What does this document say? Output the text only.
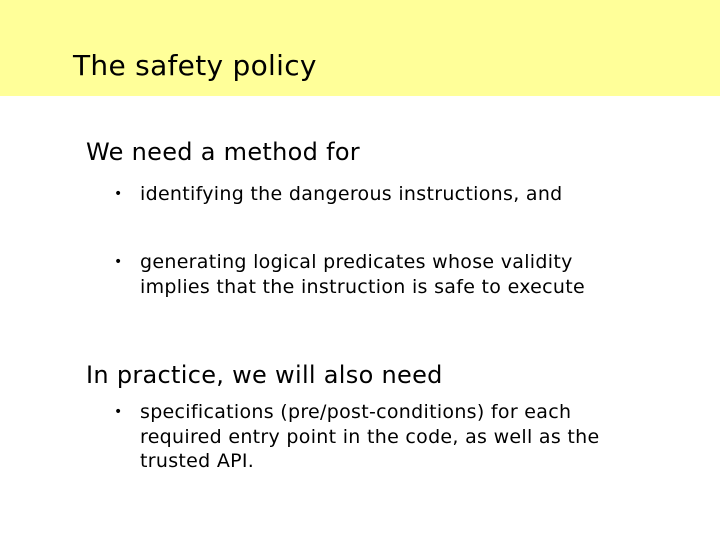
The safety policy
We need a method for
• identifying the dangerous instructions, and
• generating logical predicates whose validity implies that the instruction is safe to execute
In practice, we will also need
• specifications (pre/post-conditions) for each required entry point in the code, as well as the trusted API.
